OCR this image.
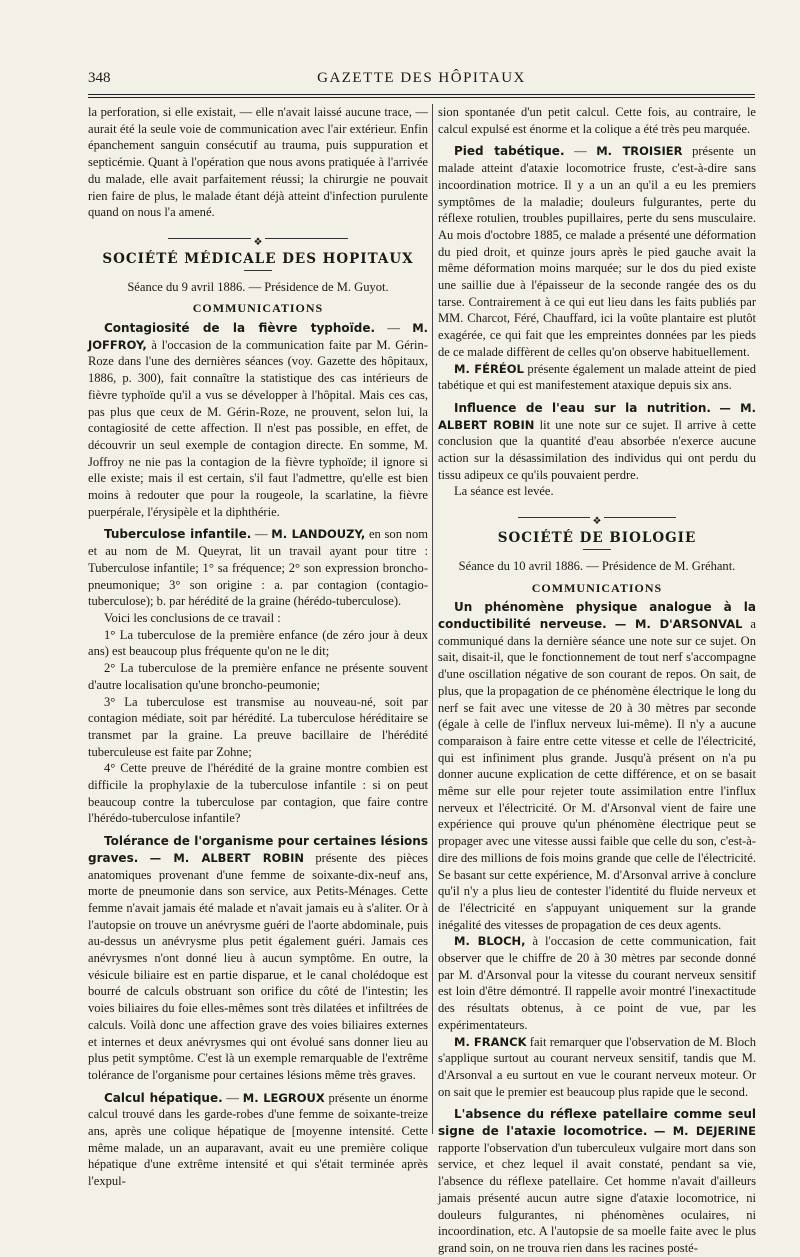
348	GAZETTE DES HÔPITAUX

la perforation, si elle existait, — elle n'avait laissé aucune trace, — aurait été la seule voie de communication avec l'air extérieur. Enfin épanchement sanguin consécutif au trauma, puis suppuration et septicémie. Quant à l'opération que nous avons pratiquée à l'arrivée du malade, elle avait parfaitement réussi; la chirurgie ne pouvait rien faire de plus, le malade étant déjà atteint d'infection purulente quand on nous l'a amené.

❖
SOCIÉTÉ MÉDICALE DES HOPITAUX

Séance du 9 avril 1886. — Présidence de M. Guyot.

COMMUNICATIONS

Contagiosité de la fièvre typhoïde. — M. JOFFROY, à l'occasion de la communication faite par M. Gérin-Roze dans l'une des dernières séances (voy. Gazette des hôpitaux, 1886, p. 300), fait connaître la statistique des cas intérieurs de fièvre typhoïde qu'il a vus se développer à l'hôpital. Mais ces cas, pas plus que ceux de M. Gérin-Roze, ne prouvent, selon lui, la contagiosité de cette affection. Il n'est pas possible, en effet, de découvrir un seul exemple de contagion directe. En somme, M. Joffroy ne nie pas la contagion de la fièvre typhoïde; il ignore si elle existe; mais il est certain, s'il faut l'admettre, qu'elle est bien moins à redouter que pour la rougeole, la scarlatine, la fièvre puerpérale, l'érysipèle et la diphthérie.

Tuberculose infantile. — M. LANDOUZY, en son nom et au nom de M. Queyrat, lit un travail ayant pour titre : Tuberculose infantile; 1° sa fréquence; 2° son expression broncho-pneumonique; 3° son origine : a. par contagion (contagio-tuberculose); b. par hérédité de la graine (hérédo-tuberculose).

Voici les conclusions de ce travail :

1° La tuberculose de la première enfance (de zéro jour à deux ans) est beaucoup plus fréquente qu'on ne le dit;

2° La tuberculose de la première enfance ne présente souvent d'autre localisation qu'une broncho-peumonie;

3° La tuberculose est transmise au nouveau-né, soit par contagion médiate, soit par hérédité. La tuberculose héréditaire se transmet par la graine. La preuve bacillaire de l'hérédité tuberculeuse est faite par Zohne;

4° Cette preuve de l'hérédité de la graine montre combien est difficile la prophylaxie de la tuberculose infantile : si on peut beaucoup contre la tuberculose par contagion, que faire contre l'hérédo-tuberculose infantile?

Tolérance de l'organisme pour certaines lésions graves. — M. ALBERT ROBIN présente des pièces anatomiques provenant d'une femme de soixante-dix-neuf ans, morte de pneumonie dans son service, aux Petits-Ménages. Cette femme n'avait jamais été malade et n'avait jamais eu à s'aliter. Or à l'autopsie on trouve un anévrysme guéri de l'aorte abdominale, puis au-dessus un anévrysme plus petit également guéri. Jamais ces anévrysmes n'ont donné lieu à aucun symptôme. En outre, la vésicule biliaire est en partie disparue, et le canal cholédoque est bourré de calculs obstruant son orifice du côté de l'intestin; les voies biliaires du foie elles-mêmes sont très dilatées et infiltrées de calculs. Voilà donc une affection grave des voies biliaires externes et internes et deux anévrysmes qui ont évolué sans donner lieu au plus petit symptôme. C'est là un exemple remarquable de l'extrême tolérance de l'organisme pour certaines lésions même très graves.

Calcul hépatique. — M. LEGROUX présente un énorme calcul trouvé dans les garde-robes d'une femme de soixante-treize ans, après une colique hépatique de [moyenne intensité. Cette même malade, un an auparavant, avait eu une première colique hépatique d'une extrême intensité et qui s'était terminée après l'expul-

sion spontanée d'un petit calcul. Cette fois, au contraire, le calcul expulsé est énorme et la colique a été très peu marquée.

Pied tabétique. — M. TROISIER présente un malade atteint d'ataxie locomotrice fruste, c'est-à-dire sans incoordination motrice. Il y a un an qu'il a eu les premiers symptômes de la maladie; douleurs fulgurantes, perte du réflexe rotulien, troubles pupillaires, perte du sens musculaire. Au mois d'octobre 1885, ce malade a présenté une déformation du pied droit, et quinze jours après le pied gauche avait la même déformation moins marquée; sur le dos du pied existe une saillie due à l'épaisseur de la seconde rangée des os du tarse. Contrairement à ce qui eut lieu dans les faits publiés par MM. Charcot, Féré, Chauffard, ici la voûte plantaire est plutôt exagérée, ce qui fait que les empreintes données par les pieds de ce malade diffèrent de celles qu'on observe habituellement.

M. FÉRÉOL présente également un malade atteint de pied tabétique et qui est manifestement ataxique depuis six ans.

Influence de l'eau sur la nutrition. — M. ALBERT ROBIN lit une note sur ce sujet. Il arrive à cette conclusion que la quantité d'eau absorbée n'exerce aucune action sur la désassimilation des individus qui ont perdu du tissu adipeux ce qu'ils pouvaient perdre.

La séance est levée.

❖
SOCIÉTÉ DE BIOLOGIE

Séance du 10 avril 1886. — Présidence de M. Gréhant.

COMMUNICATIONS

Un phénomène physique analogue à la conductibilité nerveuse. — M. D'ARSONVAL a communiqué dans la dernière séance une note sur ce sujet. On sait, disait-il, que le fonctionnement de tout nerf s'accompagne d'une oscillation négative de son courant de repos. On sait, de plus, que la propagation de ce phénomène électrique le long du nerf se fait avec une vitesse de 20 à 30 mètres par seconde (égale à celle de l'influx nerveux lui-même). Il n'y a aucune comparaison à faire entre cette vitesse et celle de l'électricité, qui est infiniment plus grande. Jusqu'à présent on n'a pu donner aucune explication de cette différence, et on se basait même sur elle pour rejeter toute assimilation entre l'influx nerveux et l'électricité. Or M. d'Arsonval vient de faire une expérience qui prouve qu'un phénomène électrique peut se propager avec une vitesse aussi faible que celle du son, c'est-à-dire des millions de fois moins grande que celle de l'électricité. Se basant sur cette expérience, M. d'Arsonval arrive à conclure qu'il n'y a plus lieu de contester l'identité du fluide nerveux et de l'électricité en s'appuyant uniquement sur la grande inégalité des vitesses de propagation de ces deux agents.

M. BLOCH, à l'occasion de cette communication, fait observer que le chiffre de 20 à 30 mètres par seconde donné par M. d'Arsonval pour la vitesse du courant nerveux sensitif est loin d'être démontré. Il rappelle avoir montré l'inexactitude des résultats obtenus, à ce point de vue, par les expérimentateurs.

M. FRANCK fait remarquer que l'observation de M. Bloch s'applique surtout au courant nerveux sensitif, tandis que M. d'Arsonval a eu surtout en vue le courant nerveux moteur. Or on sait que le premier est beaucoup plus rapide que le second.

L'absence du réflexe patellaire comme seul signe de l'ataxie locomotrice. — M. DEJERINE rapporte l'observation d'un tuberculeux vulgaire mort dans son service, et chez lequel il avait constaté, pendant sa vie, l'absence du réflexe patellaire. Cet homme n'avait d'ailleurs jamais présenté aucun autre signe d'ataxie locomotrice, ni douleurs fulgurantes, ni phénomènes oculaires, ni incoordination, etc. A l'autopsie de sa moelle faite avec le plus grand soin, on ne trouva rien dans les racines posté-
